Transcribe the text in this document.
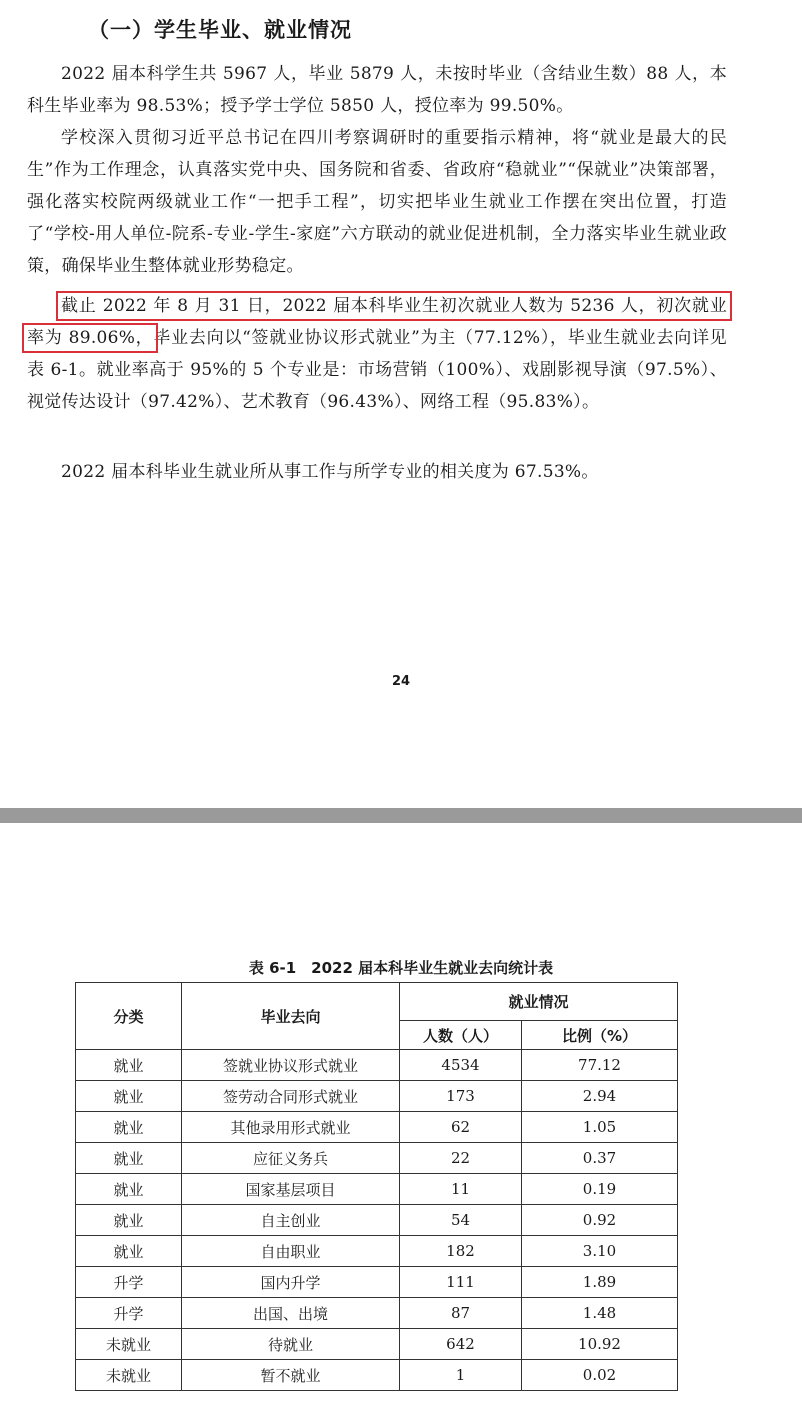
（一）学生毕业、就业情况

2022 届本科学生共 5967 人，毕业 5879 人，未按时毕业（含结业生数）88 人，本科生毕业率为 98.53%；授予学士学位 5850 人，授位率为 99.50%。

学校深入贯彻习近平总书记在四川考察调研时的重要指示精神，将“就业是最大的民生”作为工作理念，认真落实党中央、国务院和省委、省政府“稳就业”“保就业”决策部署，强化落实校院两级就业工作“一把手工程”，切实把毕业生就业工作摆在突出位置，打造了“学校-用人单位-院系-专业-学生-家庭”六方联动的就业促进机制，全力落实毕业生就业政策，确保毕业生整体就业形势稳定。

截止 2022 年 8 月 31 日，2022 届本科毕业生初次就业人数为 5236 人，初次就业率为 89.06%，毕业去向以“签就业协议形式就业”为主（77.12%），毕业生就业去向详见表 6-1。就业率高于 95%的 5 个专业是：市场营销（100%）、戏剧影视导演（97.5%）、视觉传达设计（97.42%）、艺术教育（96.43%）、网络工程（95.83%）。

2022 届本科毕业生就业所从事工作与所学专业的相关度为 67.53%。

24
表 6-1　2022 届本科毕业生就业去向统计表
分类	毕业去向	就业情况	
		人数（人）	比例（%）
就业	签就业协议形式就业	4534	77.12
就业	签劳动合同形式就业	173	2.94
就业	其他录用形式就业	62	1.05
就业	应征义务兵	22	0.37
就业	国家基层项目	11	0.19
就业	自主创业	54	0.92
就业	自由职业	182	3.10
升学	国内升学	111	1.89
升学	出国、出境	87	1.48
未就业	待就业	642	10.92
未就业	暂不就业	1	0.02
